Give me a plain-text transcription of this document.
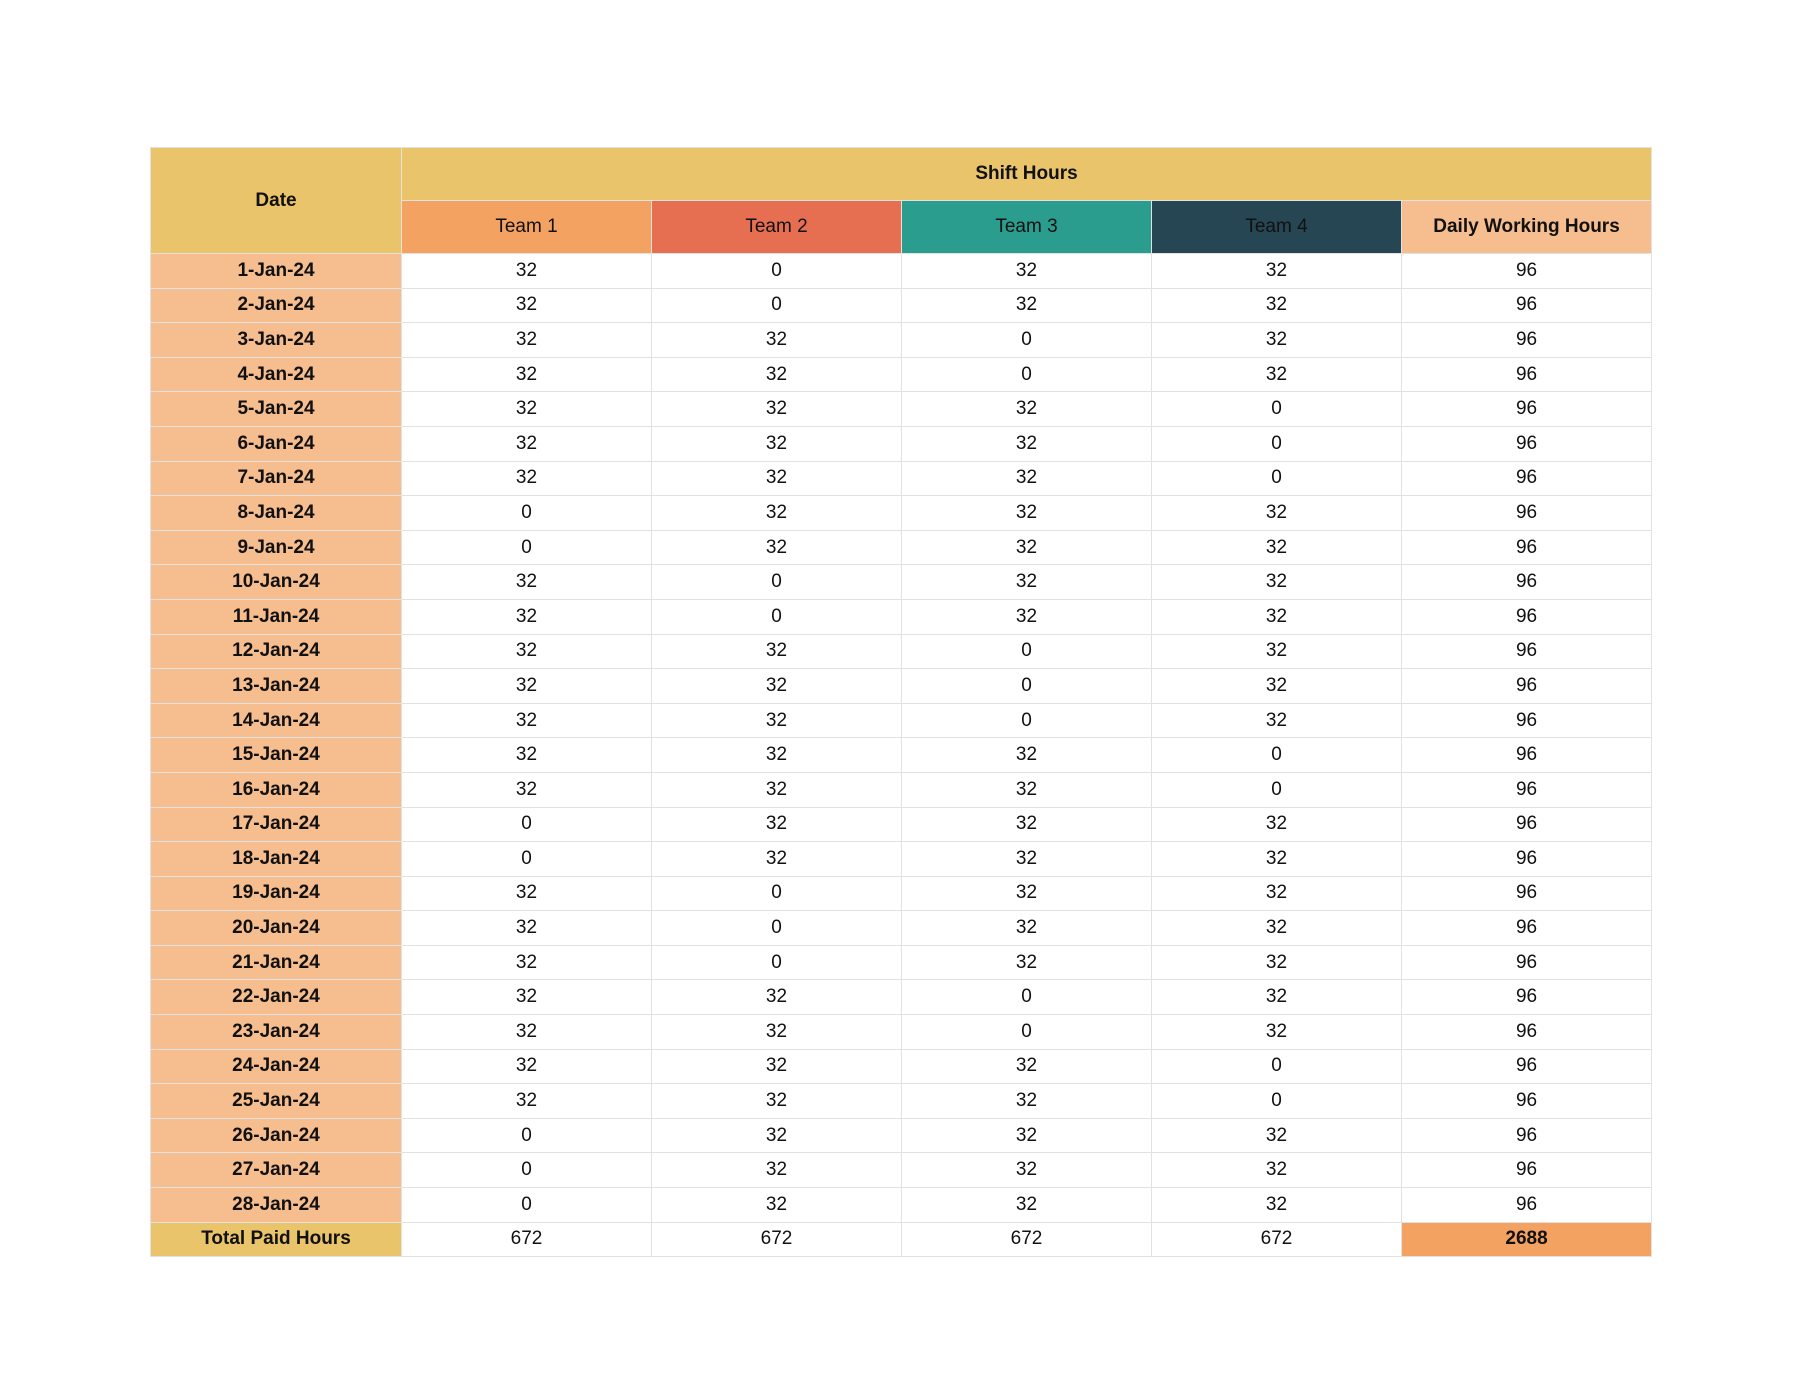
Date	Shift Hours				
	Team 1	Team 2	Team 3	Team 4	Daily Working Hours
1-Jan-24	32	0	32	32	96
2-Jan-24	32	0	32	32	96
3-Jan-24	32	32	0	32	96
4-Jan-24	32	32	0	32	96
5-Jan-24	32	32	32	0	96
6-Jan-24	32	32	32	0	96
7-Jan-24	32	32	32	0	96
8-Jan-24	0	32	32	32	96
9-Jan-24	0	32	32	32	96
10-Jan-24	32	0	32	32	96
11-Jan-24	32	0	32	32	96
12-Jan-24	32	32	0	32	96
13-Jan-24	32	32	0	32	96
14-Jan-24	32	32	0	32	96
15-Jan-24	32	32	32	0	96
16-Jan-24	32	32	32	0	96
17-Jan-24	0	32	32	32	96
18-Jan-24	0	32	32	32	96
19-Jan-24	32	0	32	32	96
20-Jan-24	32	0	32	32	96
21-Jan-24	32	0	32	32	96
22-Jan-24	32	32	0	32	96
23-Jan-24	32	32	0	32	96
24-Jan-24	32	32	32	0	96
25-Jan-24	32	32	32	0	96
26-Jan-24	0	32	32	32	96
27-Jan-24	0	32	32	32	96
28-Jan-24	0	32	32	32	96
Total Paid Hours	672	672	672	672	2688
